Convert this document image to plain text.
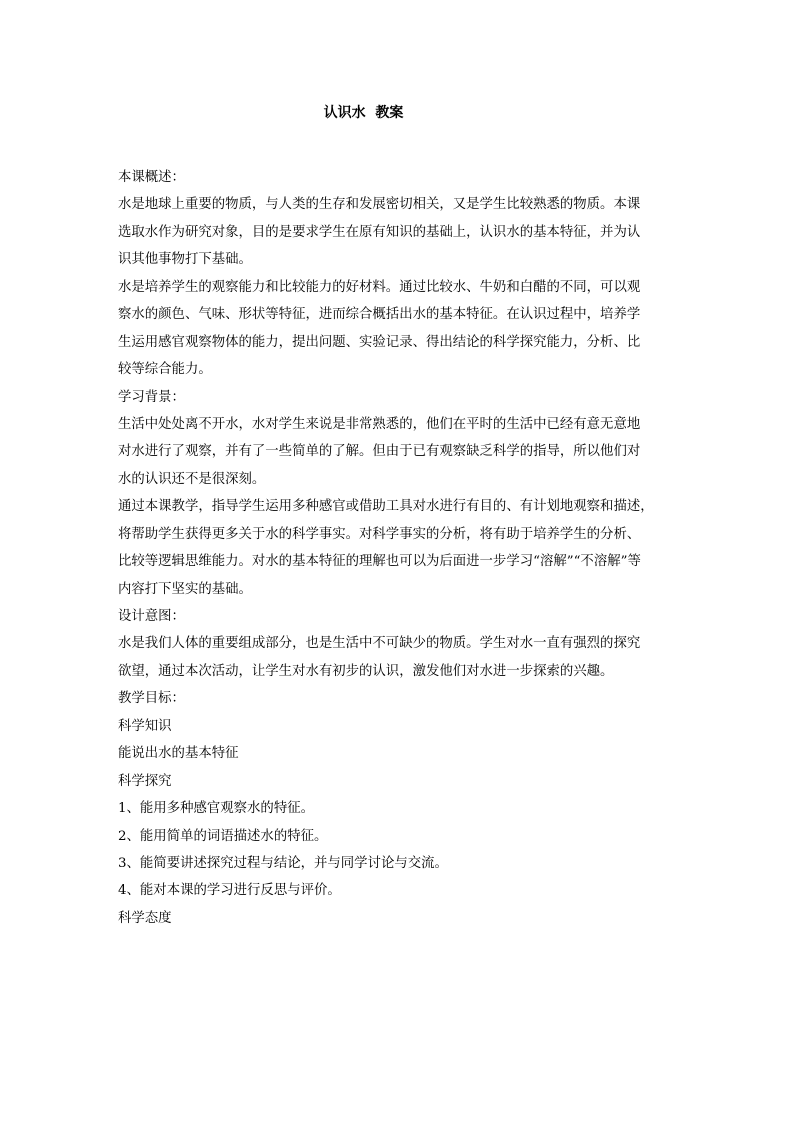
认识水  教案
本课概述：
水是地球上重要的物质，与人类的生存和发展密切相关，又是学生比较熟悉的物质。本课
选取水作为研究对象，目的是要求学生在原有知识的基础上，认识水的基本特征，并为认
识其他事物打下基础。
水是培养学生的观察能力和比较能力的好材料。通过比较水、牛奶和白醋的不同，可以观
察水的颜色、气味、形状等特征，进而综合概括出水的基本特征。在认识过程中，培养学
生运用感官观察物体的能力，提出问题、实验记录、得出结论的科学探究能力，分析、比
较等综合能力。
学习背景：
生活中处处离不开水，水对学生来说是非常熟悉的，他们在平时的生活中已经有意无意地
对水进行了观察，并有了一些简单的了解。但由于已有观察缺乏科学的指导，所以他们对
水的认识还不是很深刻。
通过本课教学，指导学生运用多种感官或借助工具对水进行有目的、有计划地观察和描述，
将帮助学生获得更多关于水的科学事实。对科学事实的分析，将有助于培养学生的分析、
比较等逻辑思维能力。对水的基本特征的理解也可以为后面进一步学习“溶解”“不溶解”等
内容打下坚实的基础。
设计意图：
水是我们人体的重要组成部分，也是生活中不可缺少的物质。学生对水一直有强烈的探究
欲望，通过本次活动，让学生对水有初步的认识，激发他们对水进一步探索的兴趣。
教学目标：
科学知识
能说出水的基本特征
科学探究
1、能用多种感官观察水的特征。
2、能用简单的词语描述水的特征。
3、能简要讲述探究过程与结论，并与同学讨论与交流。
4、能对本课的学习进行反思与评价。
科学态度
